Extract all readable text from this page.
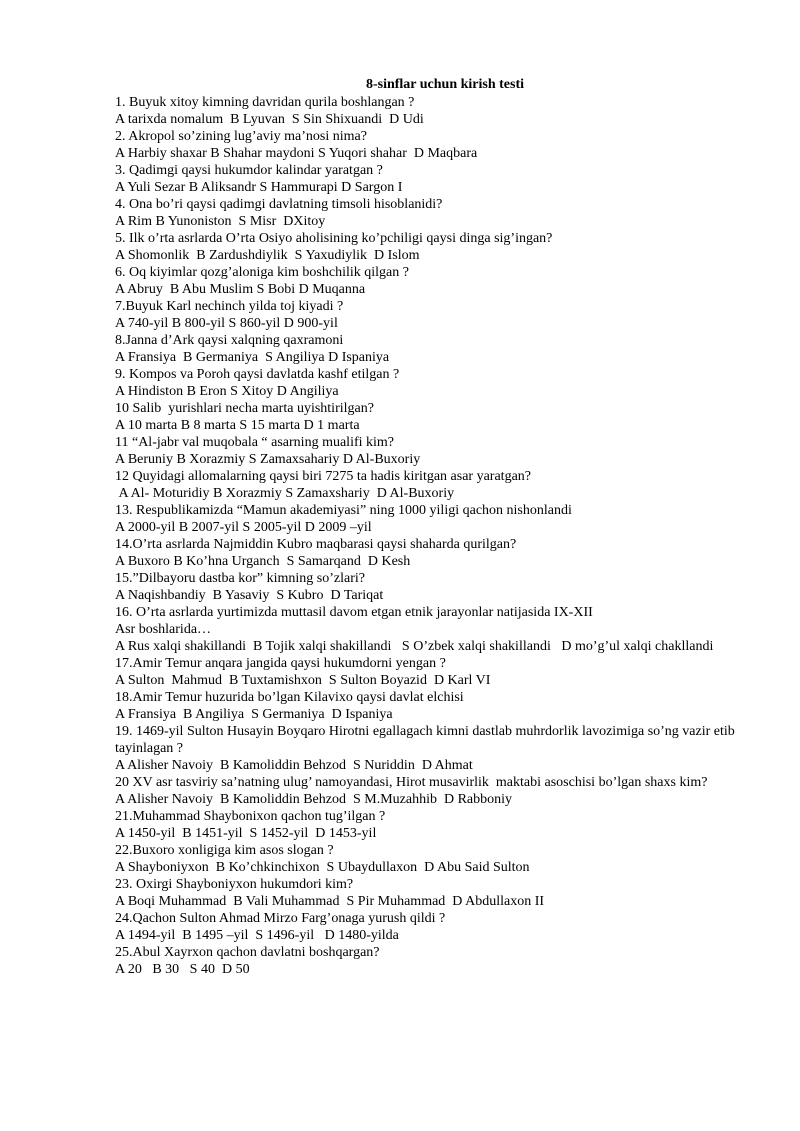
8-sinflar uchun kirish testi

1. Buyuk xitoy kimning davridan qurila boshlangan ?

A tarixda nomalum  B Lyuvan  S Sin Shixuandi  D Udi

2. Akropol so’zining lug’aviy ma’nosi nima?

A Harbiy shaxar B Shahar maydoni S Yuqori shahar  D Maqbara

3. Qadimgi qaysi hukumdor kalindar yaratgan ?

A Yuli Sezar B Aliksandr S Hammurapi D Sargon I

4. Ona bo’ri qaysi qadimgi davlatning timsoli hisoblanidi?

A Rim B Yunoniston  S Misr  DXitoy

5. Ilk o’rta asrlarda O’rta Osiyo aholisining ko’pchiligi qaysi dinga sig’ingan?

A Shomonlik  B Zardushdiylik  S Yaxudiylik  D Islom

6. Oq kiyimlar qozg’aloniga kim boshchilik qilgan ?

A Abruy  B Abu Muslim S Bobi D Muqanna

7.Buyuk Karl nechinch yilda toj kiyadi ?

A 740-yil B 800-yil S 860-yil D 900-yil

8.Janna d’Ark qaysi xalqning qaxramoni

A Fransiya  B Germaniya  S Angiliya D Ispaniya

9. Kompos va Poroh qaysi davlatda kashf etilgan ?

A Hindiston B Eron S Xitoy D Angiliya

10 Salib  yurishlari necha marta uyishtirilgan?

A 10 marta B 8 marta S 15 marta D 1 marta

11 “Al-jabr val muqobala “ asarning mualifi kim?

A Beruniy B Xorazmiy S Zamaxsahariy D Al-Buxoriy

12 Quyidagi allomalarning qaysi biri 7275 ta hadis kiritgan asar yaratgan?

A Al- Moturidiy B Xorazmiy S Zamaxshariy  D Al-Buxoriy

13. Respublikamizda “Mamun akademiyasi” ning 1000 yiligi qachon nishonlandi

A 2000-yil B 2007-yil S 2005-yil D 2009 –yil

14.O’rta asrlarda Najmiddin Kubro maqbarasi qaysi shaharda qurilgan?

A Buxoro B Ko’hna Urganch  S Samarqand  D Kesh

15.”Dilbayoru dastba kor” kimning so’zlari?

A Naqishbandiy  B Yasaviy  S Kubro  D Tariqat

16. O’rta asrlarda yurtimizda muttasil davom etgan etnik jarayonlar natijasida IX-XII

Asr boshlarida…

A Rus xalqi shakillandi  B Tojik xalqi shakillandi   S O’zbek xalqi shakillandi   D mo’g’ul xalqi chakllandi

17.Amir Temur anqara jangida qaysi hukumdorni yengan ?

A Sulton  Mahmud  B Tuxtamishxon  S Sulton Boyazid  D Karl VI

18.Amir Temur huzurida bo’lgan Kilavixo qaysi davlat elchisi

A Fransiya  B Angiliya  S Germaniya  D Ispaniya

19. 1469-yil Sulton Husayin Boyqaro Hirotni egallagach kimni dastlab muhrdorlik lavozimiga so’ng vazir etib tayinlagan ?

A Alisher Navoiy  B Kamoliddin Behzod  S Nuriddin  D Ahmat

20 XV asr tasviriy sa’natning ulug’ namoyandasi, Hirot musavirlik  maktabi asoschisi bo’lgan shaxs kim?

A Alisher Navoiy  B Kamoliddin Behzod  S M.Muzahhib  D Rabboniy

21.Muhammad Shaybonixon qachon tug’ilgan ?

A 1450-yil  B 1451-yil  S 1452-yil  D 1453-yil

22.Buxoro xonligiga kim asos slogan ?

A Shayboniyxon  B Ko’chkinchixon  S Ubaydullaxon  D Abu Said Sulton

23. Oxirgi Shayboniyxon hukumdori kim?

A Boqi Muhammad  B Vali Muhammad  S Pir Muhammad  D Abdullaxon II

24.Qachon Sulton Ahmad Mirzo Farg’onaga yurush qildi ?

A 1494-yil  B 1495 –yil  S 1496-yil   D 1480-yilda

25.Abul Xayrxon qachon davlatni boshqargan?

A 20   B 30   S 40  D 50
